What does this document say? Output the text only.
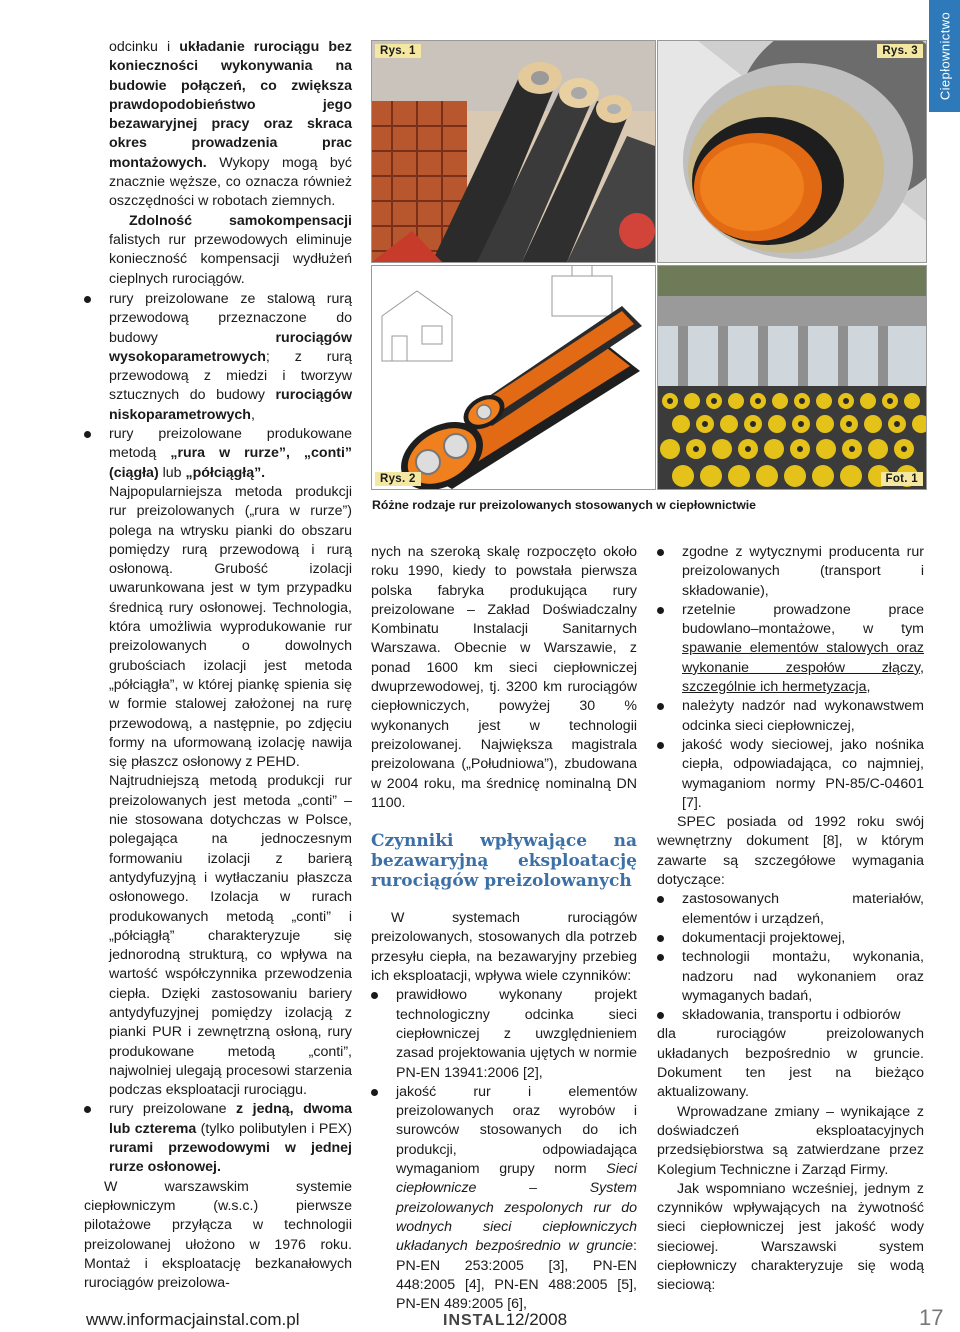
Ciepłownictwo
Rys. 1	Rys. 3
Rys. 2	Fot. 1
Różne rodzaje rur preizolowanych stosowanych w ciepłownictwie

odcinku i układanie rurociągu bez konieczności wykonywania na budowie połączeń, co zwiększa prawdopodobieństwo jego bezawaryjnej pracy oraz skraca okres prowadzenia prac montażowych. Wykopy mogą być znacznie węższe, co oznacza również oszczędności w robotach ziemnych.

Zdolność samokompensacji falistych rur przewodowych eliminuje konieczność kompensacji wydłużeń cieplnych rurociągów.

rury preizolowane ze stalową rurą przewodową przeznaczone do budowy rurociągów wysokoparametrowych; z rurą przewodową z miedzi i tworzyw sztucznych do budowy rurociągów niskoparametrowych,

rury preizolowane produkowane metodą „rura w rurze”, „conti” (ciągła) lub „półciągłą”.

Najpopularniejsza metoda produkcji rur preizolowanych („rura w rurze”) polega na wtrysku pianki do obszaru pomiędzy rurą przewodową i rurą osłonową. Grubość izolacji uwarunkowana jest w tym przypadku średnicą rury osłonowej. Technologia, która umożliwia wyprodukowanie rur preizolowanych o dowolnych grubościach izolacji jest metoda „półciągła”, w której piankę spienia się w formie stalowej założonej na rurę przewodową, a następnie, po zdjęciu formy na uformowaną izolację nawija się płaszcz osłonowy z PEHD.

Najtrudniejszą metodą produkcji rur preizolowanych jest metoda „conti” – nie stosowana dotychczas w Polsce, polegająca na jednoczesnym formowaniu izolacji z barierą antydyfuzyjną i wytłaczaniu płaszcza osłonowego. Izolacja w rurach produkowanych metodą „conti” i „półciągłą” charakteryzuje się jednorodną strukturą, co wpływa na wartość współczynnika przewodzenia ciepła. Dzięki zastosowaniu bariery antydyfuzyjnej pomiędzy izolacją z pianki PUR i zewnętrzną osłoną, rury produkowane metodą „conti”, najwolniej ulegają procesowi starzenia podczas eksploatacji rurociągu.

rury preizolowane z jedną, dwoma lub czterema (tylko polibutylen i PEX) rurami przewodowymi w jednej rurze osłonowej.

W warszawskim systemie ciepłowniczym (w.s.c.) pierwsze pilotażowe przyłącza w technologii preizolowanej ułożono w 1976 roku. Montaż i eksploatację bezkanałowych rurociągów preizolowa-

nych na szeroką skalę rozpoczęto około roku 1990, kiedy to powstała pierwsza polska fabryka produkująca rury preizolowane – Zakład Doświadczalny Kombinatu Instalacji Sanitarnych Warszawa. Obecnie w Warszawie, z ponad 1600 km sieci ciepłowniczej dwuprzewodowej, tj. 3200 km rurociągów ciepłowniczych, powyżej 30 % wykonanych jest w technologii preizolowanej. Największa magistrala preizolowana („Południowa”), zbudowana w 2004 roku, ma średnicę nominalną DN 1100.

Czynniki wpływające na bezawaryjną eksploatację rurociągów preizolowanych

W systemach rurociągów preizolowanych, stosowanych dla potrzeb przesyłu ciepła, na bezawaryjny przebieg ich eksploatacji, wpływa wiele czynników:

prawidłowo wykonany projekt technologiczny odcinka sieci ciepłowniczej z uwzględnieniem zasad projektowania ujętych w normie PN-EN 13941:2006 [2],

jakość rur i elementów preizolowanych oraz wyrobów i surowców stosowanych do ich produkcji, odpowiadająca wymaganiom grupy norm Sieci ciepłownicze – System preizolowanych zespolonych rur do wodnych sieci ciepłowniczych układanych bezpośrednio w gruncie: PN-EN 253:2005 [3], PN-EN 448:2005 [4], PN-EN 488:2005 [5], PN-EN 489:2005 [6],

zgodne z wytycznymi producenta rur preizolowanych (transport i składowanie),

rzetelnie prowadzone prace budowlano–montażowe, w tym spawanie elementów stalowych oraz wykonanie zespołów złączy, szczególnie ich hermetyzacja,

należyty nadzór nad wykonawstwem odcinka sieci ciepłowniczej,

jakość wody sieciowej, jako nośnika ciepła, odpowiadająca, co najmniej, wymaganiom normy PN-85/C-04601 [7].

SPEC posiada od 1992 roku swój wewnętrzny dokument [8], w którym zawarte są szczegółowe wymagania dotyczące:

zastosowanych materiałów, elementów i urządzeń,

dokumentacji projektowej,

technologii montażu, wykonania, nadzoru nad wykonaniem oraz wymaganych badań,

składowania, transportu i odbiorów

dla rurociągów preizolowanych układanych bezpośrednio w gruncie. Dokument ten jest na bieżąco aktualizowany.

Wprowadzane zmiany – wynikające z doświadczeń eksploatacyjnych przedsiębiorstwa są zatwierdzane przez Kolegium Techniczne i Zarząd Firmy.

Jak wspomniano wcześniej, jednym z czynników wpływających na żywotność sieci ciepłowniczej jest jakość wody sieciowej. Warszawski system ciepłowniczy charakteryzuje się wodą sieciową:

www.informacjainstal.com.pl	INSTAL12/2008	17
